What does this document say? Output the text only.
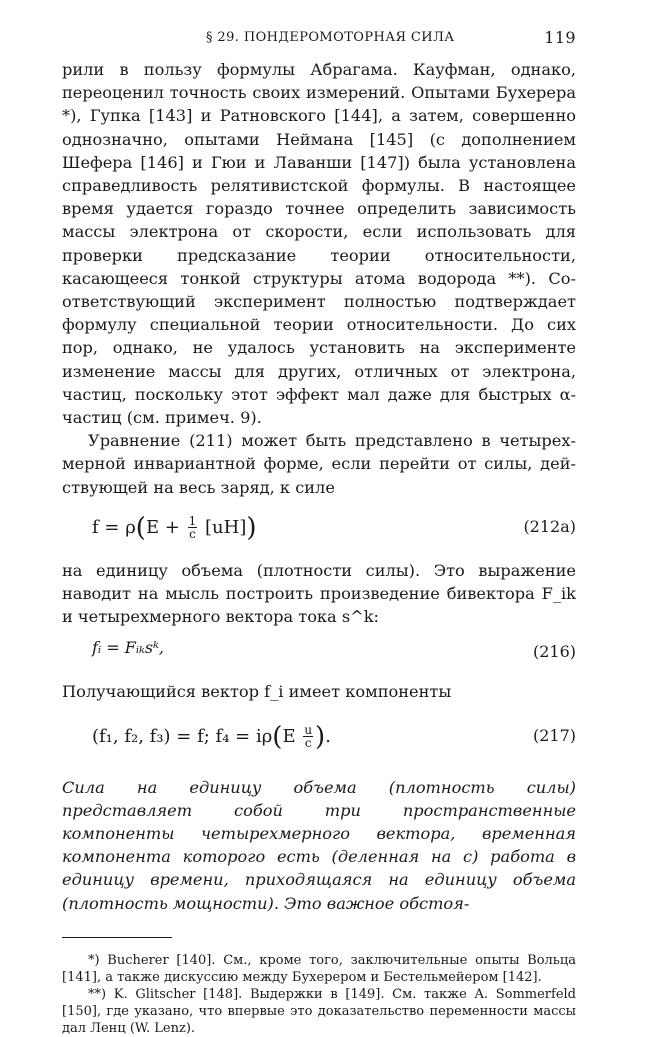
§ 29. ПОНДЕРОМОТОРНАЯ СИЛА	119

рили в пользу формулы Абрагама. Кауфман, однако, переоценил точность своих измерений. Опытами Бухерера *), Гупка [143] и Ратновского [144], а затем, совершенно однозначно, опытами Неймана [145] (с дополнением Шефера [146] и Гюи и Лаванши [147]) была установлена справедливость релятивистской формулы. В настоящее время удается гораздо точнее определить зависимость массы электрона от скорости, если использовать для проверки предсказание теории относительности, касающееся тонкой структуры атома водорода **). Соответствующий эксперимент полностью подтверждает формулу специальной теории относительности. До сих пор, однако, не удалось установить на эксперименте изменение массы для других, отличных от электрона, частиц, поскольку этот эффект мал даже для быстрых α-частиц (см. примеч. 9).

Уравнение (211) может быть представлено в четырехмерной инвариантной форме, если перейти от силы, действующей на весь заряд, к силе

$f = \rho(E + \frac{1}{c} [uH])$	(212a)

на единицу объема (плотности силы). Это выражение наводит на мысль построить произведение бивектора F_ik и четырехмерного вектора тока s^k:

fᵢ = Fᵢₖsᵏ,	(216)

Получающийся вектор f_i имеет компоненты

(f₁, f₂, f₃) = f; $f_4 = i\rho(E \frac{u}{c}$ ).	(217)

Сила на единицу объема (плотность силы) представляет собой три пространственные компоненты четырехмерного вектора, временная компонента которого есть (деленная на c) работа в единицу времени, приходящаяся на единицу объема (плотность мощности). Это важное обстоя-

*) Bucherer [140]. См., кроме того, заключительные опыты Вольца [141], а также дискуссию между Бухерером и Бестельмейером [142].

**) K. Glitscher [148]. Выдержки в [149]. См. также A. Sommerfeld [150], где указано, что впервые это доказательство переменности массы дал Ленц (W. Lenz).
